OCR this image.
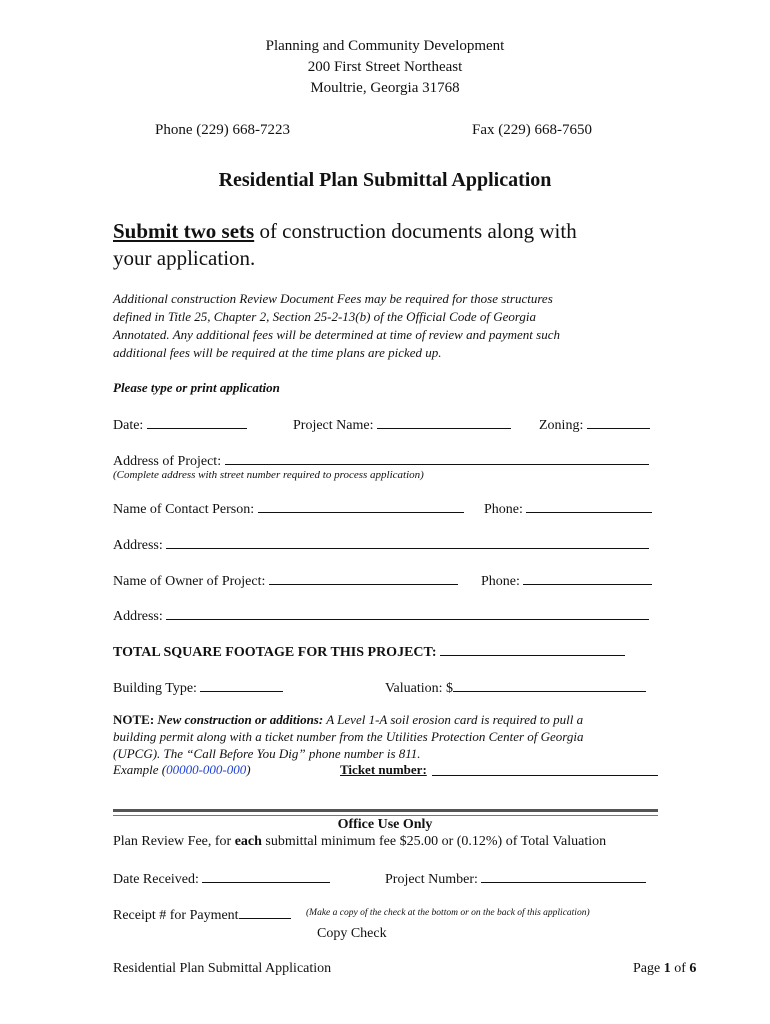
Planning and Community Development
200 First Street Northeast
Moultrie, Georgia 31768
Phone (229) 668-7223	Fax (229) 668-7650
Residential Plan Submittal Application
Submit two sets of construction documents along with
your application.
Additional construction Review Document Fees may be required for those structures
defined in Title 25, Chapter 2, Section 25-2-13(b) of the Official Code of Georgia
Annotated. Any additional fees will be determined at time of review and payment such
additional fees will be required at the time plans are picked up.
Please type or print application
Date:	Project Name:	Zoning:
Address of Project:
(Complete address with street number required to process application)
Name of Contact Person:	Phone:
Address:
Name of Owner of Project:	Phone:
Address:
TOTAL SQUARE FOOTAGE FOR THIS PROJECT:
Building Type:	Valuation: $
NOTE: New construction or additions: A Level 1-A soil erosion card is required to pull a
building permit along with a ticket number from the Utilities Protection Center of Georgia
(UPCG). The “Call Before You Dig” phone number is 811.
Example (00000-000-000)	Ticket number:
Office Use Only
Plan Review Fee, for each submittal minimum fee $25.00 or (0.12%) of Total Valuation
Date Received:	Project Number:
Receipt # for Payment	(Make a copy of the check at the bottom or on the back of this application)
Copy Check
Residential Plan Submittal Application	Page 1 of 6
